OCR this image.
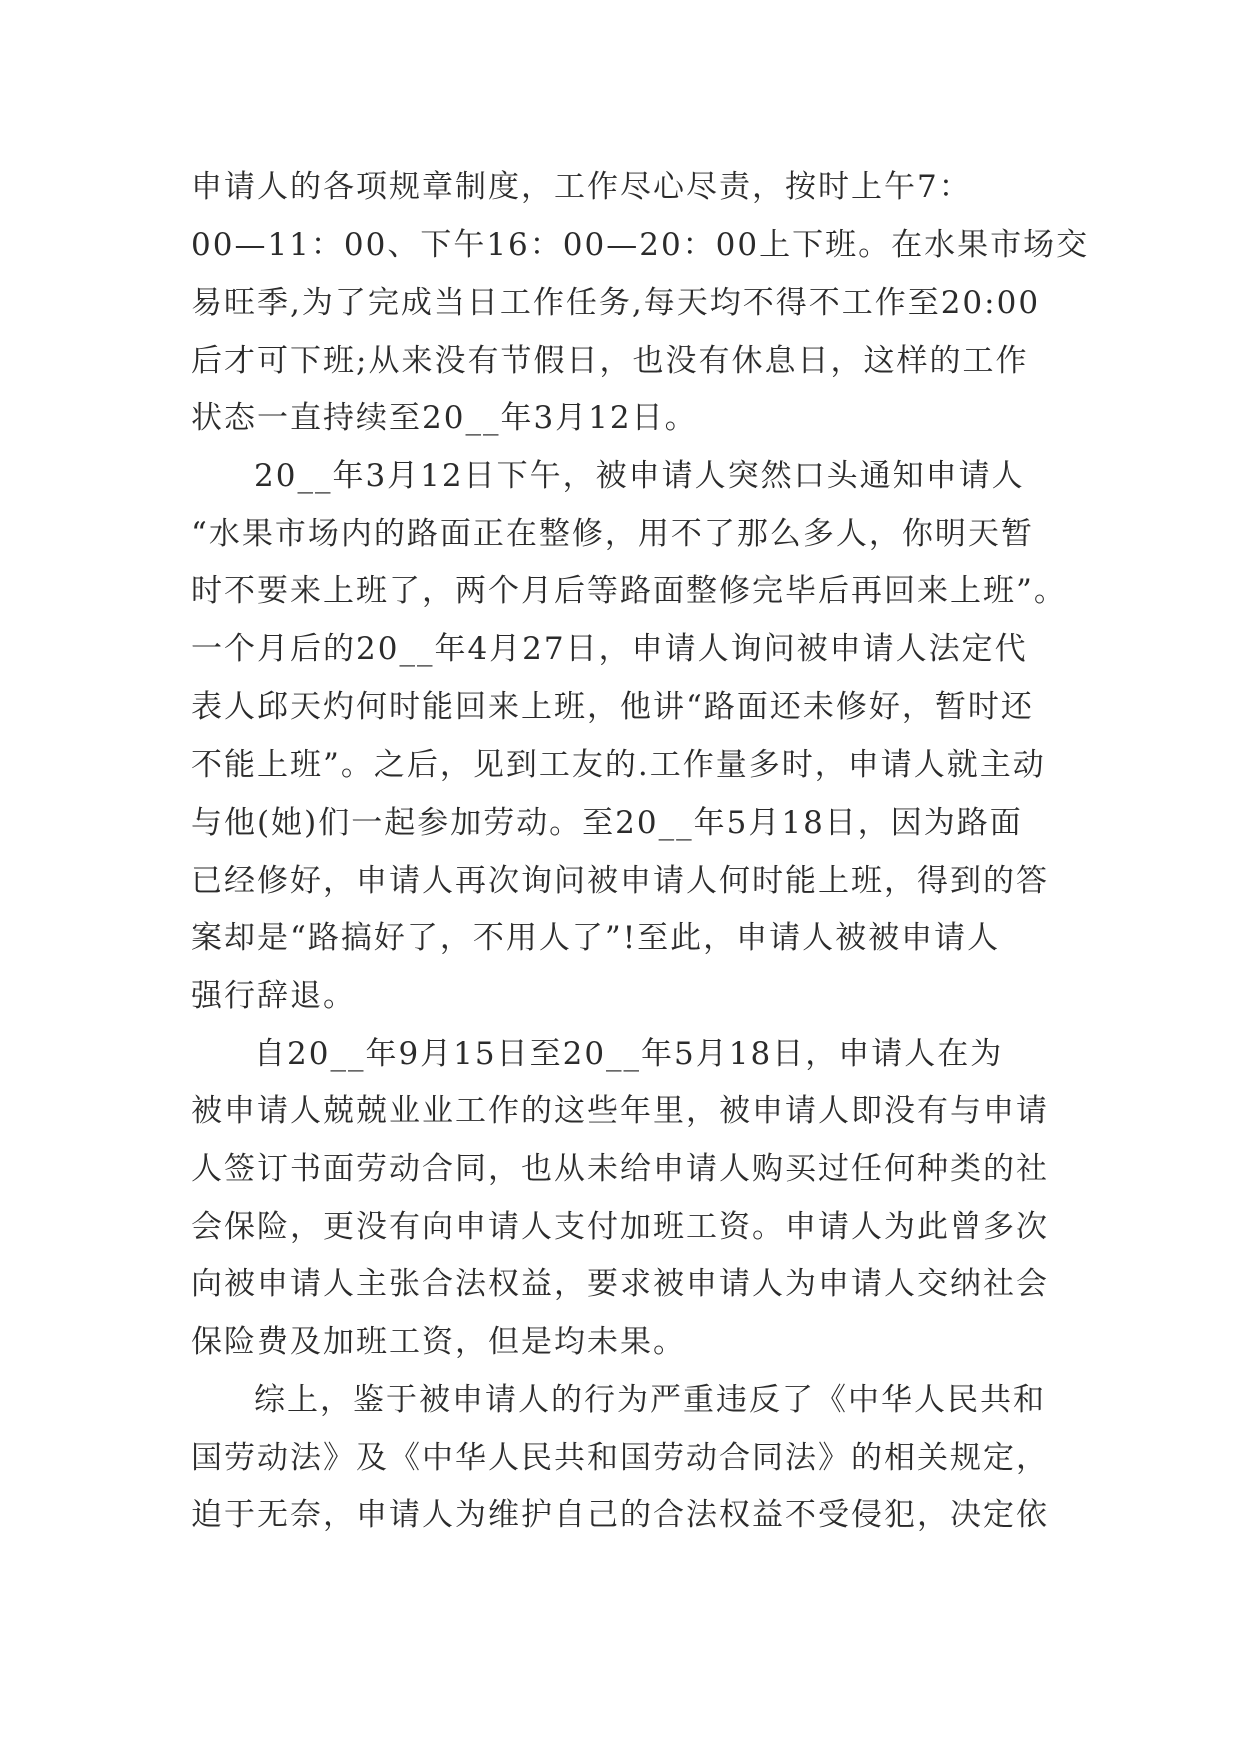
申请人的各项规章制度，工作尽心尽责，按时上午7：
00—11：00、下午16：00—20：00上下班。在水果市场交
易旺季,为了完成当日工作任务,每天均不得不工作至20:00
后才可下班;从来没有节假日，也没有休息日，这样的工作
状态一直持续至20__年3月12日。
20__年3月12日下午，被申请人突然口头通知申请人
“水果市场内的路面正在整修，用不了那么多人，你明天暂
时不要来上班了，两个月后等路面整修完毕后再回来上班”。
一个月后的20__年4月27日，申请人询问被申请人法定代
表人邱天灼何时能回来上班，他讲“路面还未修好，暂时还
不能上班”。之后，见到工友的.工作量多时，申请人就主动
与他(她)们一起参加劳动。至20__年5月18日，因为路面
已经修好，申请人再次询问被申请人何时能上班，得到的答
案却是“路搞好了，不用人了”!至此，申请人被被申请人
强行辞退。
自20__年9月15日至20__年5月18日，申请人在为
被申请人兢兢业业工作的这些年里，被申请人即没有与申请
人签订书面劳动合同，也从未给申请人购买过任何种类的社
会保险，更没有向申请人支付加班工资。申请人为此曾多次
向被申请人主张合法权益，要求被申请人为申请人交纳社会
保险费及加班工资，但是均未果。
综上，鉴于被申请人的行为严重违反了《中华人民共和
国劳动法》及《中华人民共和国劳动合同法》的相关规定，
迫于无奈，申请人为维护自己的合法权益不受侵犯，决定依
